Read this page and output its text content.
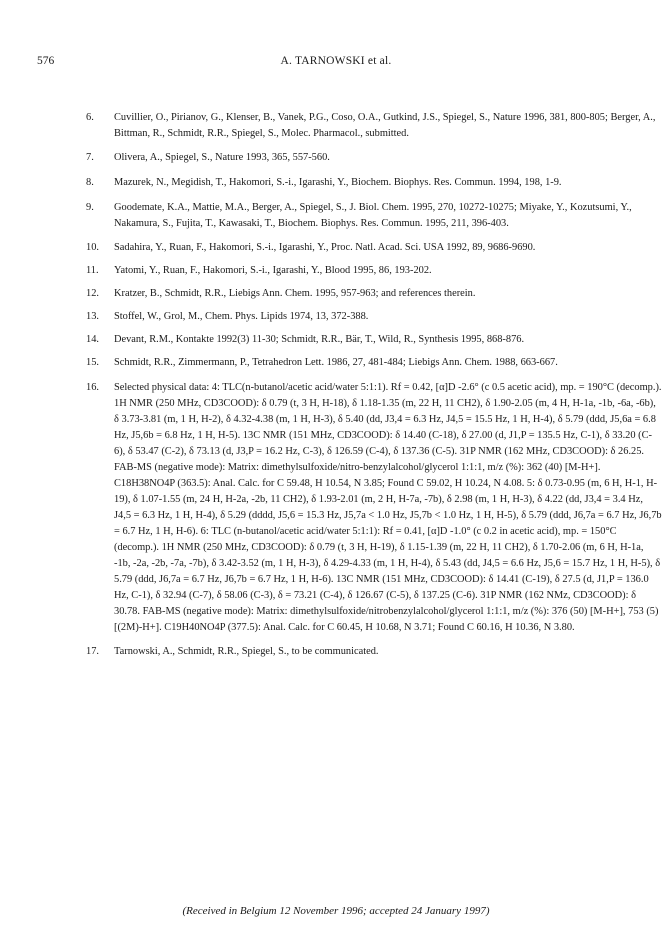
576	A. TARNOWSKI et al.
6.	Cuvillier, O., Pirianov, G., Klenser, B., Vanek, P.G., Coso, O.A., Gutkind, J.S., Spiegel, S., Nature 1996, 381, 800-805; Berger, A., Bittman, R., Schmidt, R.R., Spiegel, S., Molec. Pharmacol., submitted.
7.	Olivera, A., Spiegel, S., Nature 1993, 365, 557-560.
8.	Mazurek, N., Megidish, T., Hakomori, S.-i., Igarashi, Y., Biochem. Biophys. Res. Commun. 1994, 198, 1-9.
9.	Goodemate, K.A., Mattie, M.A., Berger, A., Spiegel, S., J. Biol. Chem. 1995, 270, 10272-10275; Miyake, Y., Kozutsumi, Y., Nakamura, S., Fujita, T., Kawasaki, T., Biochem. Biophys. Res. Commun. 1995, 211, 396-403.
10.	Sadahira, Y., Ruan, F., Hakomori, S.-i., Igarashi, Y., Proc. Natl. Acad. Sci. USA 1992, 89, 9686-9690.
11.	Yatomi, Y., Ruan, F., Hakomori, S.-i., Igarashi, Y., Blood 1995, 86, 193-202.
12.	Kratzer, B., Schmidt, R.R., Liebigs Ann. Chem. 1995, 957-963; and references therein.
13.	Stoffel, W., Grol, M., Chem. Phys. Lipids 1974, 13, 372-388.
14.	Devant, R.M., Kontakte 1992(3) 11-30; Schmidt, R.R., Bär, T., Wild, R., Synthesis 1995, 868-876.
15.	Schmidt, R.R., Zimmermann, P., Tetrahedron Lett. 1986, 27, 481-484; Liebigs Ann. Chem. 1988, 663-667.
16.	Selected physical data: 4: TLC(n-butanol/acetic acid/water 5:1:1). Rf = 0.42, [α]D -2.6° (c 0.5 acetic acid), mp. = 190°C (decomp.). 1H NMR (250 MHz, CD3COOD): δ 0.79 (t, 3 H, H-18), δ 1.18-1.35 (m, 22 H, 11 CH2), δ 1.90-2.05 (m, 4 H, H-1a, -1b, -6a, -6b), δ 3.73-3.81 (m, 1 H, H-2), δ 4.32-4.38 (m, 1 H, H-3), δ 5.40 (dd, J3,4 = 6.3 Hz, J4,5 = 15.5 Hz, 1 H, H-4), δ 5.79 (ddd, J5,6a = 6.8 Hz, J5,6b = 6.8 Hz, 1 H, H-5). 13C NMR (151 MHz, CD3COOD): δ 14.40 (C-18), δ 27.00 (d, J1,P = 135.5 Hz, C-1), δ 33.20 (C-6), δ 53.47 (C-2), δ 73.13 (d, J3,P = 16.2 Hz, C-3), δ 126.59 (C-4), δ 137.36 (C-5). 31P NMR (162 MHz, CD3COOD): δ 26.25. FAB-MS (negative mode): Matrix: dimethylsulfoxide/nitro-benzylalcohol/glycerol 1:1:1, m/z (%): 362 (40) [M-H+]. C18H38NO4P (363.5): Anal. Calc. for C 59.48, H 10.54, N 3.85; Found C 59.02, H 10.24, N 4.08. 5: δ 0.73-0.95 (m, 6 H, H-1, H-19), δ 1.07-1.55 (m, 24 H, H-2a, -2b, 11 CH2), δ 1.93-2.01 (m, 2 H, H-7a, -7b), δ 2.98 (m, 1 H, H-3), δ 4.22 (dd, J3,4 = 3.4 Hz, J4,5 = 6.3 Hz, 1 H, H-4), δ 5.29 (dddd, J5,6 = 15.3 Hz, J5,7a < 1.0 Hz, J5,7b < 1.0 Hz, 1 H, H-5), δ 5.79 (ddd, J6,7a = 6.7 Hz, J6,7b = 6.7 Hz, 1 H, H-6). 6: TLC (n-butanol/acetic acid/water 5:1:1): Rf = 0.41, [α]D -1.0° (c 0.2 in acetic acid), mp. = 150°C (decomp.). 1H NMR (250 MHz, CD3COOD): δ 0.79 (t, 3 H, H-19), δ 1.15-1.39 (m, 22 H, 11 CH2), δ 1.70-2.06 (m, 6 H, H-1a, -1b, -2a, -2b, -7a, -7b), δ 3.42-3.52 (m, 1 H, H-3), δ 4.29-4.33 (m, 1 H, H-4), δ 5.43 (dd, J4,5 = 6.6 Hz, J5,6 = 15.7 Hz, 1 H, H-5), δ 5.79 (ddd, J6,7a = 6.7 Hz, J6,7b = 6.7 Hz, 1 H, H-6). 13C NMR (151 MHz, CD3COOD): δ 14.41 (C-19), δ 27.5 (d, J1,P = 136.0 Hz, C-1), δ 32.94 (C-7), δ 58.06 (C-3), δ = 73.21 (C-4), δ 126.67 (C-5), δ 137.25 (C-6). 31P NMR (162 NMz, CD3COOD): δ 30.78. FAB-MS (negative mode): Matrix: dimethylsulfoxide/nitrobenzylalcohol/glycerol 1:1:1, m/z (%): 376 (50) [M-H+], 753 (5) [(2M)-H+]. C19H40NO4P (377.5): Anal. Calc. for C 60.45, H 10.68, N 3.71; Found C 60.16, H 10.36, N 3.80.
17.	Tarnowski, A., Schmidt, R.R., Spiegel, S., to be communicated.
(Received in Belgium 12 November 1996; accepted 24 January 1997)
